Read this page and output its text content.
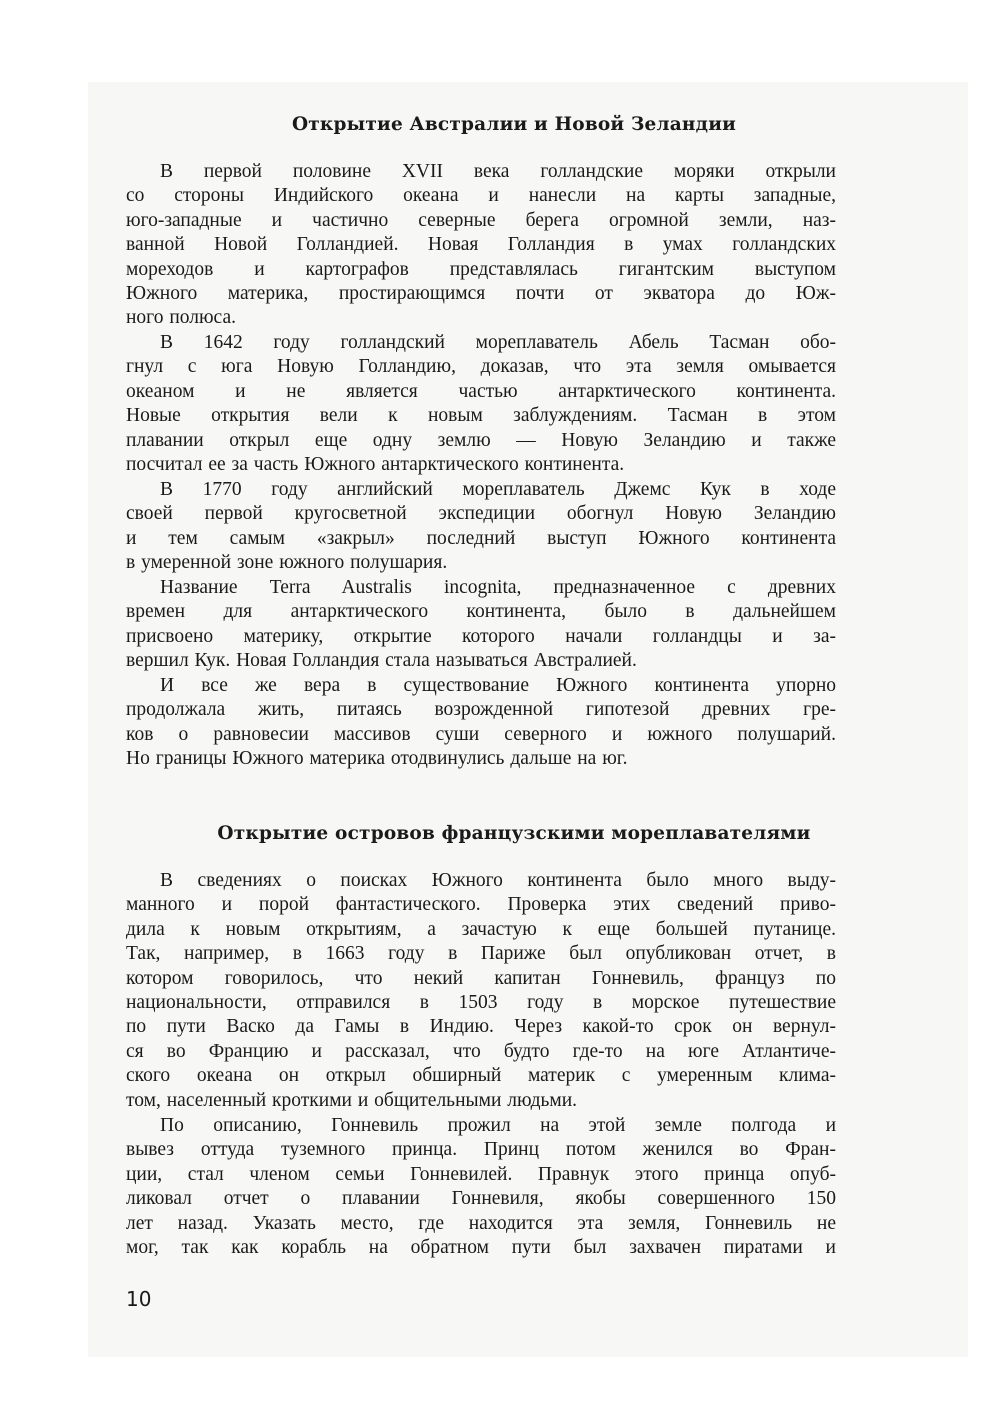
Открытие Австралии и Новой Зеландии
В первой половине XVII века голландские моряки открыли
со стороны Индийского океана и нанесли на карты западные,
юго-западные и частично северные берега огромной земли, наз-
ванной Новой Голландией. Новая Голландия в умах голландских
мореходов и картографов представлялась гигантским выступом
Южного материка, простирающимся почти от экватора до Юж-
ного полюса.
В 1642 году голландский мореплаватель Абель Тасман обо-
гнул с юга Новую Голландию, доказав, что эта земля омывается
океаном и не является частью антарктического континента.
Новые открытия вели к новым заблуждениям. Тасман в этом
плавании открыл еще одну землю — Новую Зеландию и также
посчитал ее за часть Южного антарктического континента.
В 1770 году английский мореплаватель Джемс Кук в ходе
своей первой кругосветной экспедиции обогнул Новую Зеландию
и тем самым «закрыл» последний выступ Южного континента
в умеренной зоне южного полушария.
Название Terra Australis incognita, предназначенное с древних
времен для антарктического континента, было в дальнейшем
присвоено материку, открытие которого начали голландцы и за-
вершил Кук. Новая Голландия стала называться Австралией.
И все же вера в существование Южного континента упорно
продолжала жить, питаясь возрожденной гипотезой древних гре-
ков о равновесии массивов суши северного и южного полушарий.
Но границы Южного материка отодвинулись дальше на юг.
Открытие островов французскими мореплавателями
В сведениях о поисках Южного континента было много выду-
манного и порой фантастического. Проверка этих сведений приво-
дила к новым открытиям, а зачастую к еще большей путанице.
Так, например, в 1663 году в Париже был опубликован отчет, в
котором говорилось, что некий капитан Гонневиль, француз по
национальности, отправился в 1503 году в морское путешествие
по пути Васко да Гамы в Индию. Через какой-то срок он вернул-
ся во Францию и рассказал, что будто где-то на юге Атлантиче-
ского океана он открыл обширный материк с умеренным клима-
том, населенный кроткими и общительными людьми.
По описанию, Гонневиль прожил на этой земле полгода и
вывез оттуда туземного принца. Принц потом женился во Фран-
ции, стал членом семьи Гонневилей. Правнук этого принца опуб-
ликовал отчет о плавании Гонневиля, якобы совершенного 150
лет назад. Указать место, где находится эта земля, Гонневиль не
мог, так как корабль на обратном пути был захвачен пиратами и
10
